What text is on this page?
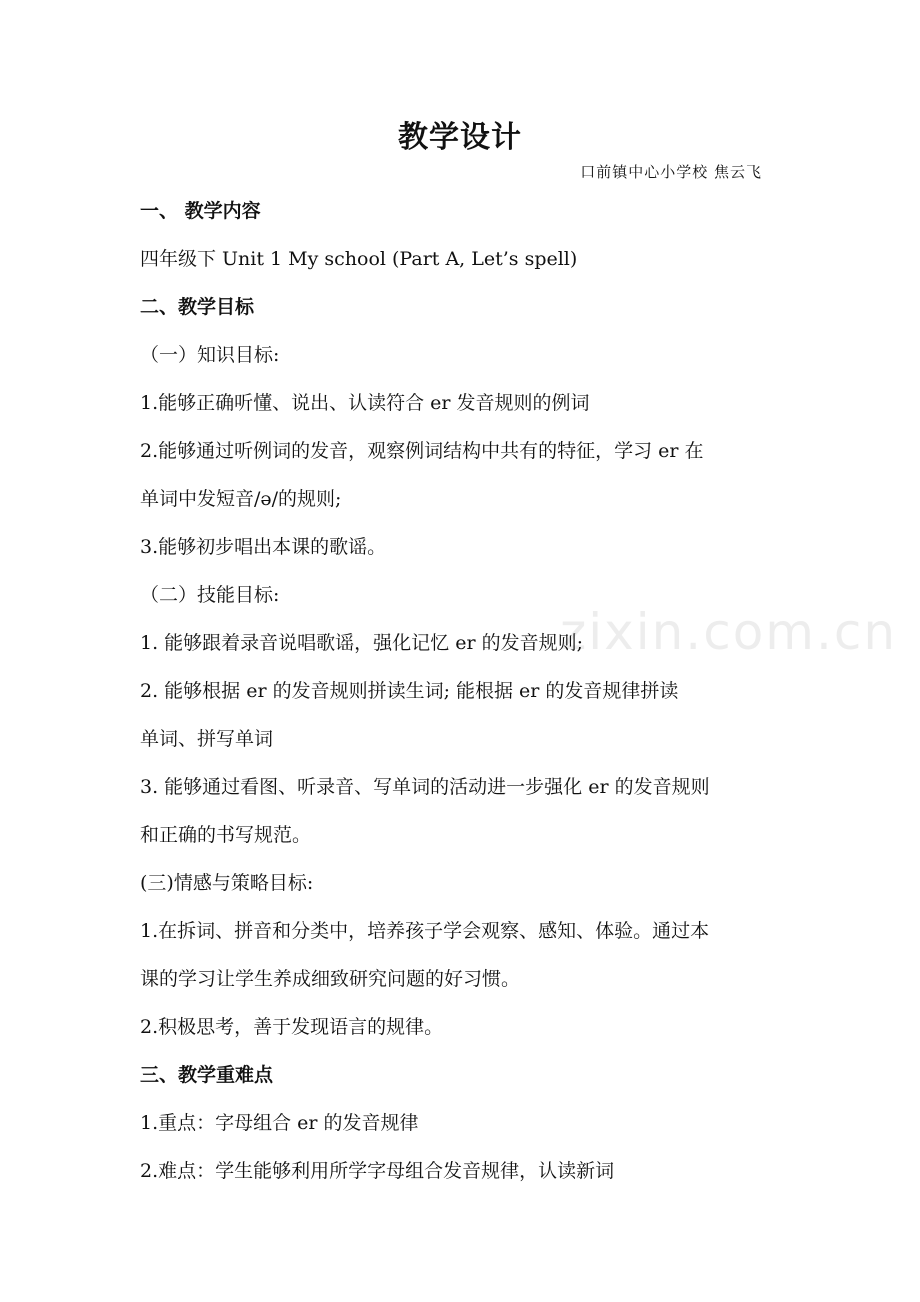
zixin.com.cn
教学设计
口前镇中心小学校 焦云飞
一、 教学内容
四年级下 Unit 1 My school (Part A, Let’s spell)
二、教学目标
（一）知识目标:
1.能够正确听懂、说出、认读符合 er 发音规则的例词
2.能够通过听例词的发音，观察例词结构中共有的特征，学习 er 在
单词中发短音/ə/的规则;
3.能够初步唱出本课的歌谣。
（二）技能目标:
1. 能够跟着录音说唱歌谣，强化记忆 er 的发音规则;
2. 能够根据 er 的发音规则拼读生词; 能根据 er 的发音规律拼读
单词、拼写单词
3. 能够通过看图、听录音、写单词的活动进一步强化 er 的发音规则
和正确的书写规范。
(三)情感与策略目标:
1.在拆词、拼音和分类中，培养孩子学会观察、感知、体验。通过本
课的学习让学生养成细致研究问题的好习惯。
2.积极思考，善于发现语言的规律。
三、教学重难点
1.重点：字母组合 er 的发音规律
2.难点：学生能够利用所学字母组合发音规律，认读新词
